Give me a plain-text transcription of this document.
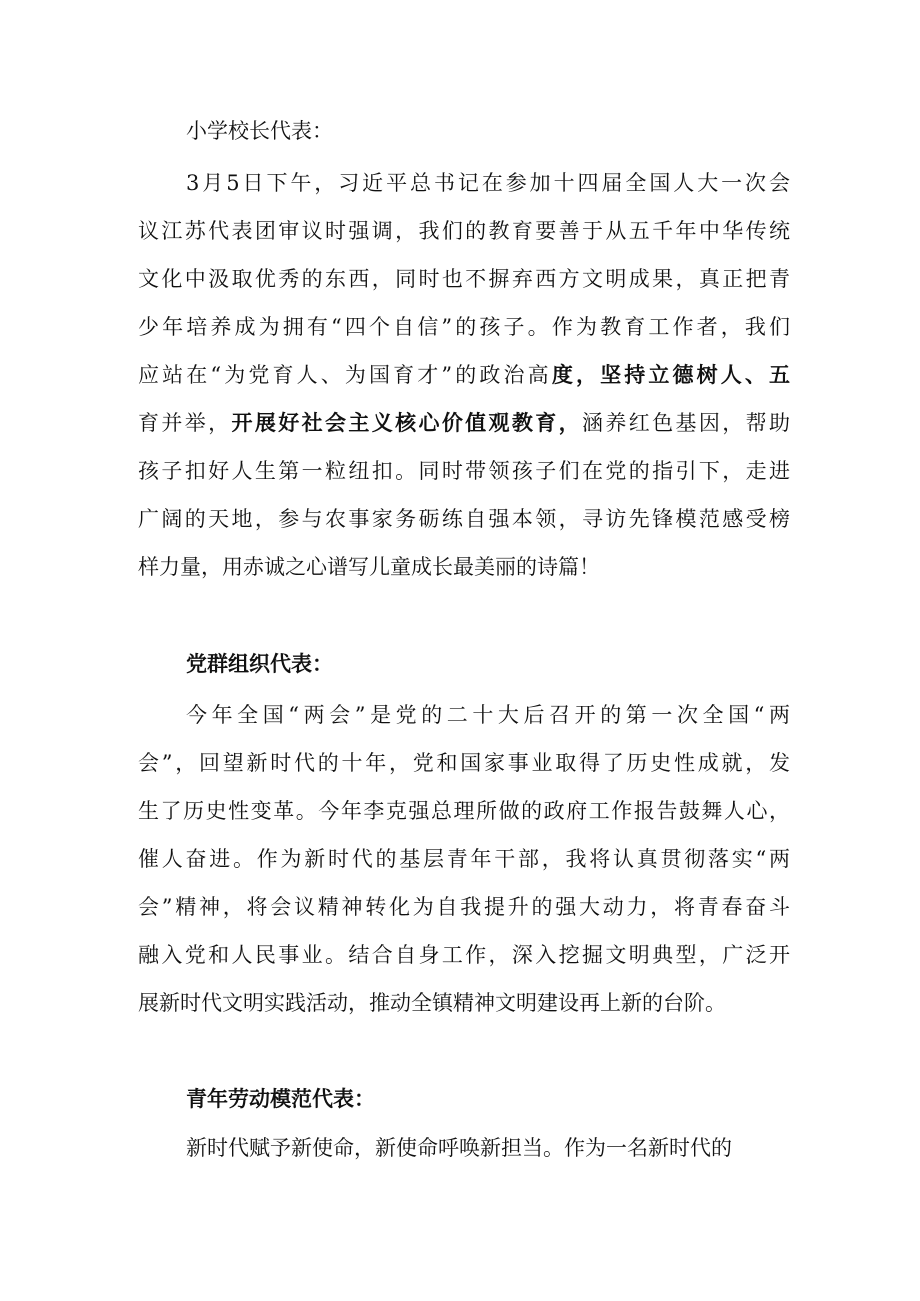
小学校长代表：
3月5日下午，习近平总书记在参加十四届全国人大一次会
议江苏代表团审议时强调，我们的教育要善于从五千年中华传统
文化中汲取优秀的东西，同时也不摒弃西方文明成果，真正把青
少年培养成为拥有“四个自信”的孩子。作为教育工作者，我们
应站在“为党育人、为国育才”的政治高度，坚持立德树人、五
育并举，开展好社会主义核心价值观教育，涵养红色基因，帮助
孩子扣好人生第一粒纽扣。同时带领孩子们在党的指引下，走进
广阔的天地，参与农事家务砺练自强本领，寻访先锋模范感受榜
样力量，用赤诚之心谱写儿童成长最美丽的诗篇！
党群组织代表：
今年全国“两会”是党的二十大后召开的第一次全国“两
会”，回望新时代的十年，党和国家事业取得了历史性成就，发
生了历史性变革。今年李克强总理所做的政府工作报告鼓舞人心，
催人奋进。作为新时代的基层青年干部，我将认真贯彻落实“两
会”精神，将会议精神转化为自我提升的强大动力，将青春奋斗
融入党和人民事业。结合自身工作，深入挖掘文明典型，广泛开
展新时代文明实践活动，推动全镇精神文明建设再上新的台阶。
青年劳动模范代表：
新时代赋予新使命，新使命呼唤新担当。作为一名新时代的
